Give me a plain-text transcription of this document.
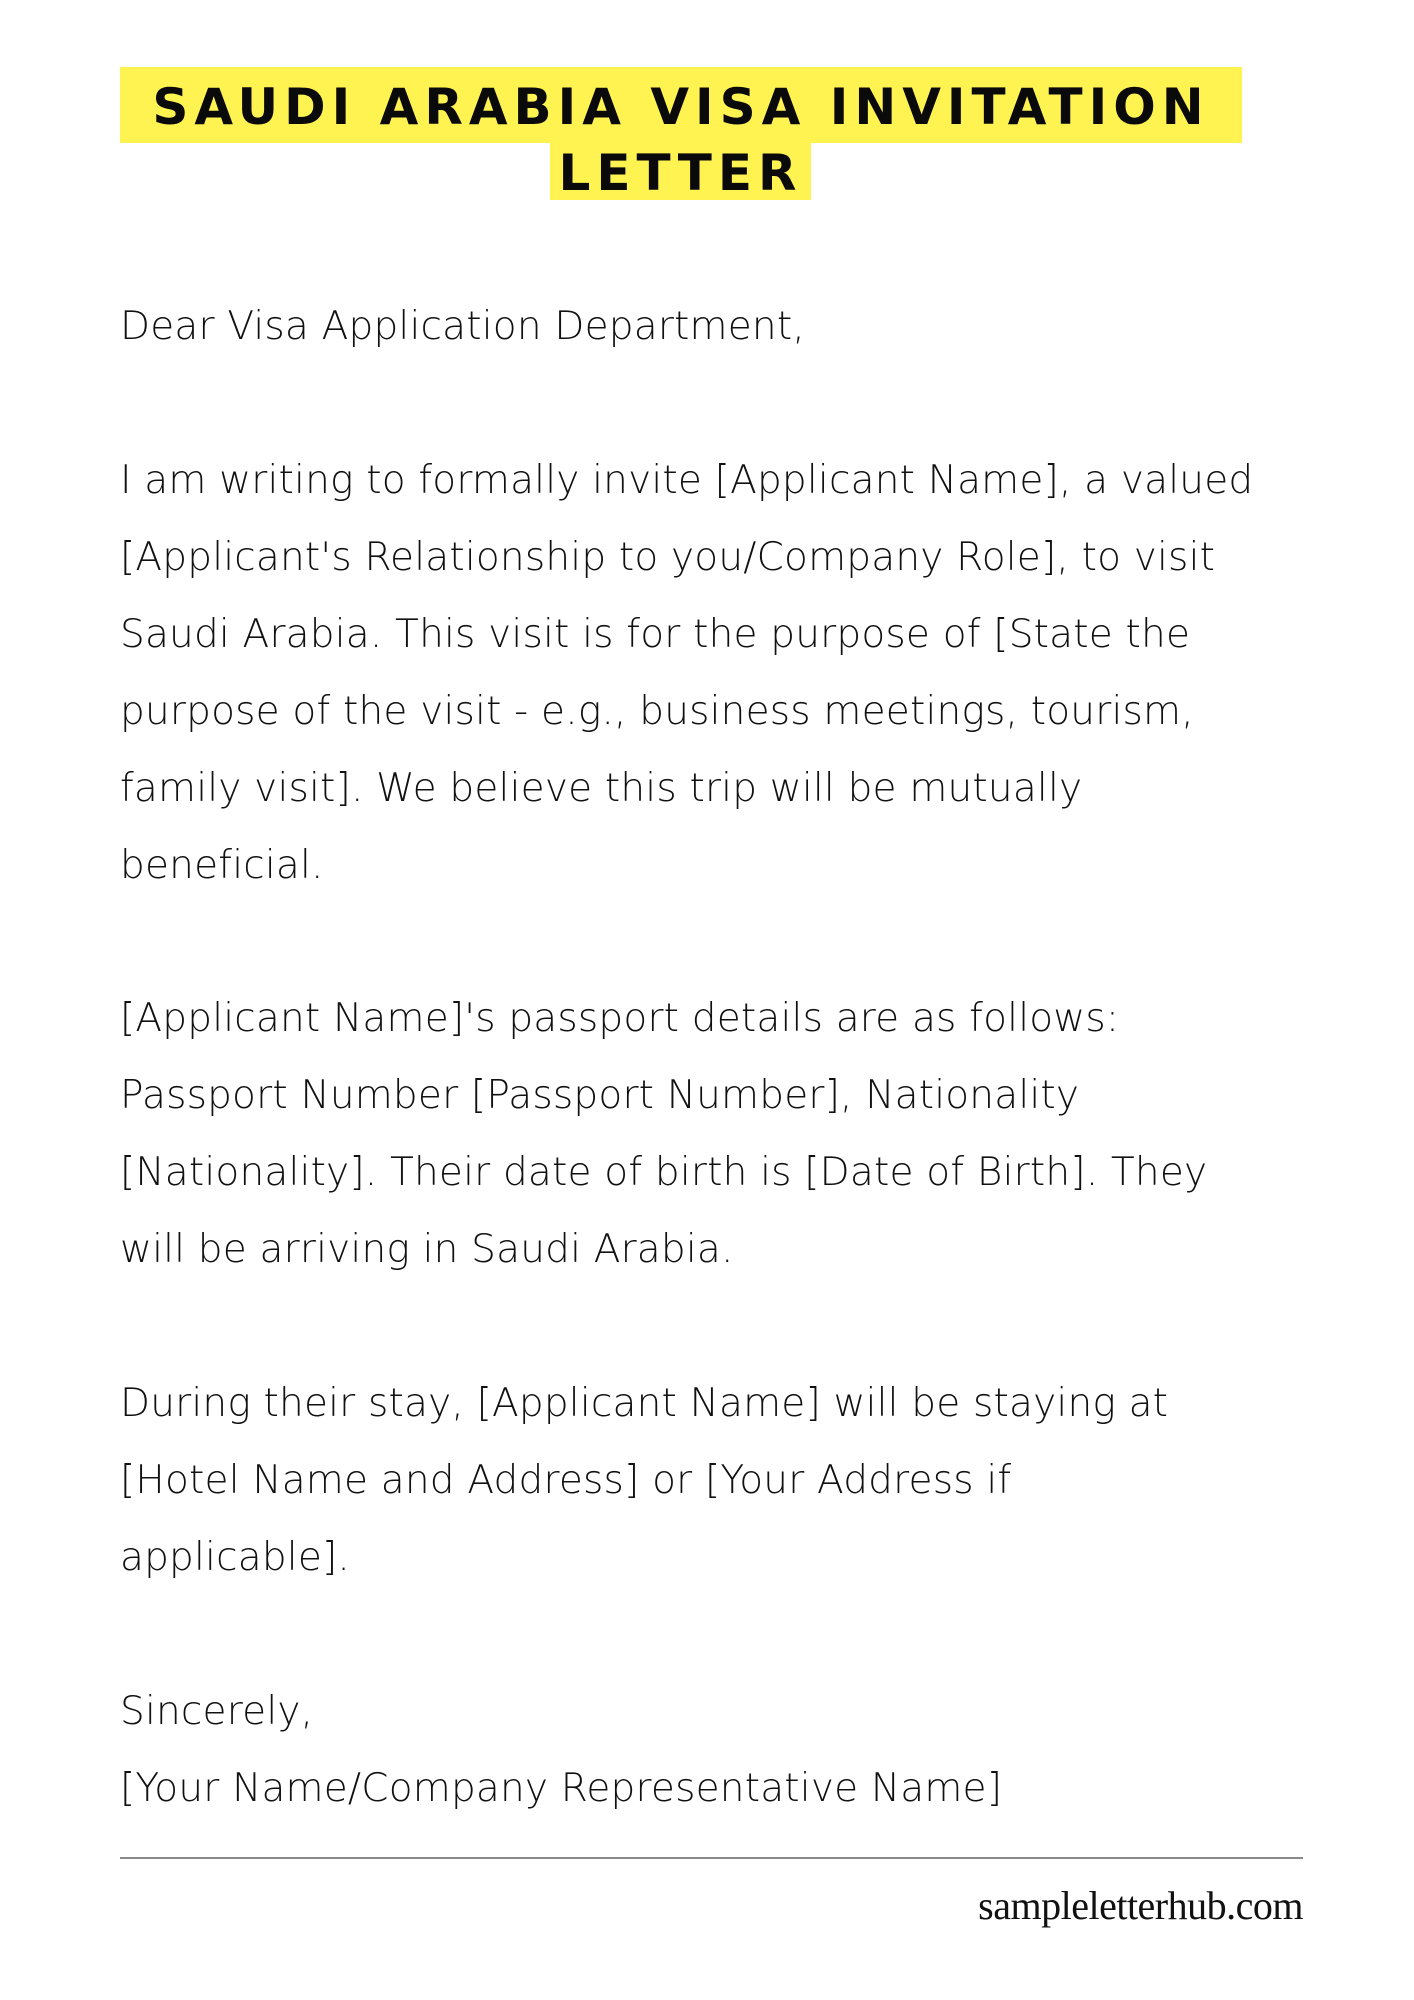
SAUDI ARABIA VISA INVITATION
LETTER
Dear Visa Application Department,
I am writing to formally invite [Applicant Name], a valued
[Applicant's Relationship to you/Company Role], to visit
Saudi Arabia. This visit is for the purpose of [State the
purpose of the visit - e.g., business meetings, tourism,
family visit]. We believe this trip will be mutually
beneficial.
[Applicant Name]'s passport details are as follows:
Passport Number [Passport Number], Nationality
[Nationality]. Their date of birth is [Date of Birth]. They
will be arriving in Saudi Arabia.
During their stay, [Applicant Name] will be staying at
[Hotel Name and Address] or [Your Address if
applicable].
Sincerely,
[Your Name/Company Representative Name]
sampleletterhub.com
